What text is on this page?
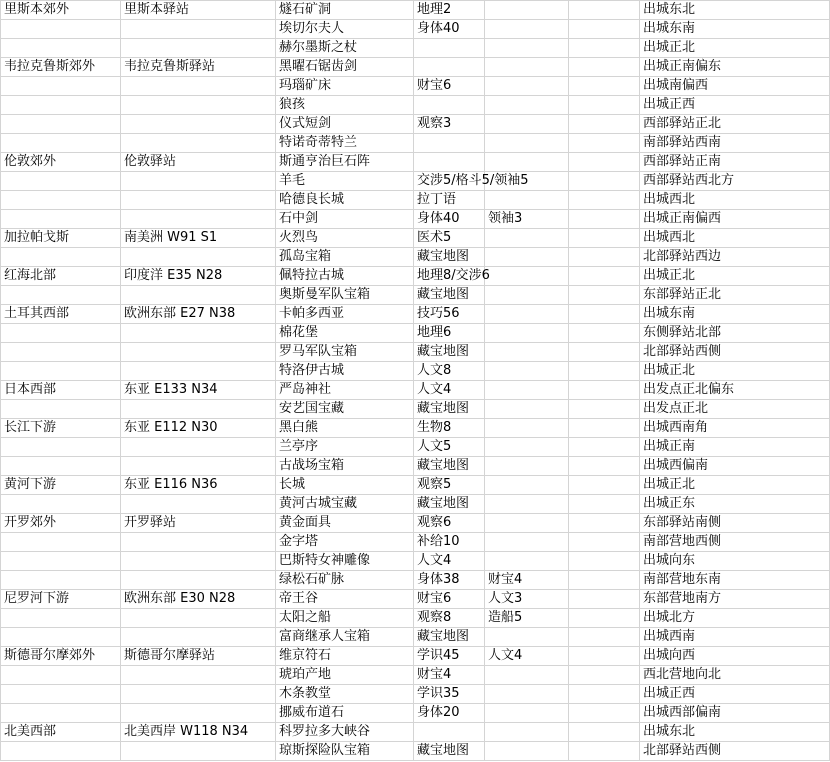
里斯本郊外	里斯本驿站	燧石矿洞	地理2			出城东北
		埃切尔夫人	身体40			出城东南
		赫尔墨斯之杖				出城正北
韦拉克鲁斯郊外	韦拉克鲁斯驿站	黑曜石锯齿剑				出城正南偏东
		玛瑙矿床	财宝6			出城南偏西
		狼孩				出城正西
		仪式短剑	观察3			西部驿站正北
		特诺奇蒂特兰				南部驿站西南
伦敦郊外	伦敦驿站	斯通亨治巨石阵				西部驿站正南
		羊毛	交涉5/格斗5/领袖5			西部驿站西北方
		哈德良长城	拉丁语			出城西北
		石中剑	身体40	领袖3		出城正南偏西
加拉帕戈斯	南美洲 W91 S1	火烈鸟	医术5			出城西北
		孤岛宝箱	藏宝地图			北部驿站西边
红海北部	印度洋 E35 N28	佩特拉古城	地理8/交涉6			出城正北
		奥斯曼军队宝箱	藏宝地图			东部驿站正北
土耳其西部	欧洲东部 E27 N38	卡帕多西亚	技巧56			出城东南
		棉花堡	地理6			东侧驿站北部
		罗马军队宝箱	藏宝地图			北部驿站西侧
		特洛伊古城	人文8			出城正北
日本西部	东亚 E133 N34	严岛神社	人文4			出发点正北偏东
		安艺国宝藏	藏宝地图			出发点正北
长江下游	东亚 E112 N30	黑白熊	生物8			出城西南角
		兰亭序	人文5			出城正南
		古战场宝箱	藏宝地图			出城西偏南
黄河下游	东亚 E116 N36	长城	观察5			出城正北
		黄河古城宝藏	藏宝地图			出城正东
开罗郊外	开罗驿站	黄金面具	观察6			东部驿站南侧
		金字塔	补给10			南部营地西侧
		巴斯特女神雕像	人文4			出城向东
		绿松石矿脉	身体38	财宝4		南部营地东南
尼罗河下游	欧洲东部 E30 N28	帝王谷	财宝6	人文3		东部营地南方
		太阳之船	观察8	造船5		出城北方
		富商继承人宝箱	藏宝地图			出城西南
斯德哥尔摩郊外	斯德哥尔摩驿站	维京符石	学识45	人文4		出城向西
		琥珀产地	财宝4			西北营地向北
		木条教堂	学识35			出城正西
		挪威布道石	身体20			出城西部偏南
北美西部	北美西岸 W118 N34	科罗拉多大峡谷				出城东北
		琼斯探险队宝箱	藏宝地图			北部驿站西侧
